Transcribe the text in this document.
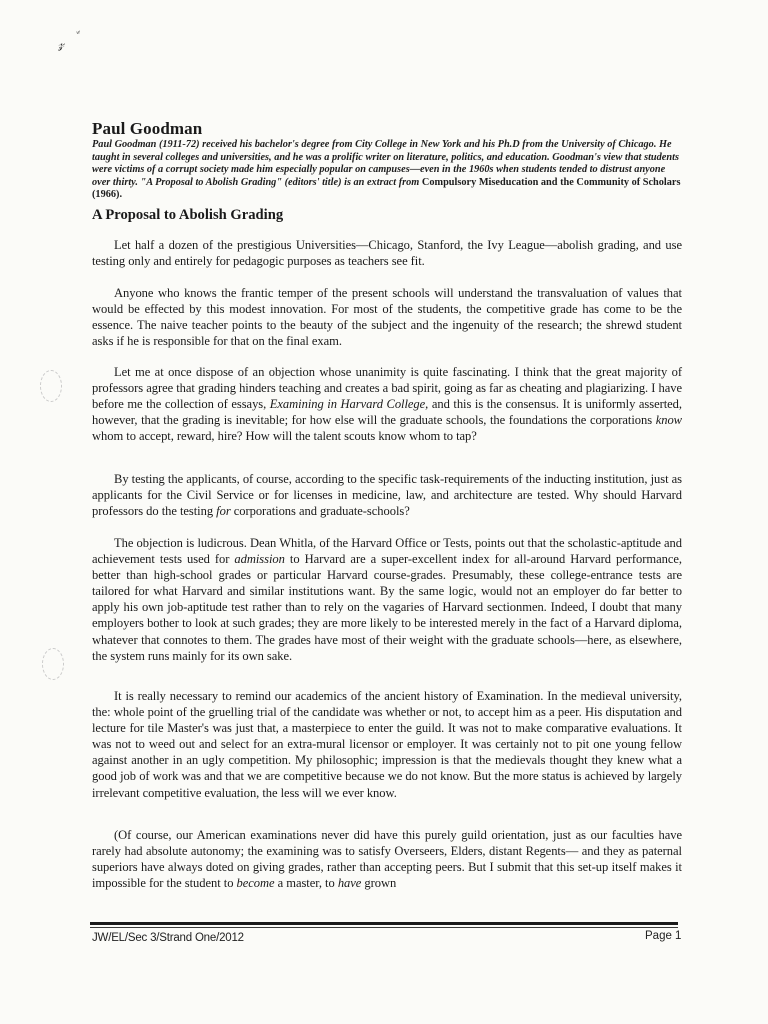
𝓏$^{ᵛ^i}$
Paul Goodman
Paul Goodman (1911-72) received his bachelor's degree from City College in New York and his Ph.D from the University of Chicago. He taught in several colleges and universities, and he was a prolific writer on literature, politics, and education. Goodman's view that students were victims of a corrupt society made him especially popular on campuses—even in the 1960s when students tended to distrust anyone over thirty. "A Proposal to Abolish Grading" (editors' title) is an extract from Compulsory Miseducation and the Community of Scholars (1966).
A Proposal to Abolish Grading
Let half a dozen of the prestigious Universities—Chicago, Stanford, the Ivy League—abolish grading, and use testing only and entirely for pedagogic purposes as teachers see fit.
Anyone who knows the frantic temper of the present schools will understand the transvaluation of values that would be effected by this modest innovation. For most of the students, the competitive grade has come to be the essence. The naive teacher points to the beauty of the subject and the ingenuity of the research; the shrewd student asks if he is responsible for that on the final exam.
Let me at once dispose of an objection whose unanimity is quite fascinating. I think that the great majority of professors agree that grading hinders teaching and creates a bad spirit, going as far as cheating and plagiarizing. I have before me the collection of essays, Examining in Harvard College, and this is the consensus. It is uniformly asserted, however, that the grading is inevitable; for how else will the graduate schools, the foundations the corporations know whom to accept, reward, hire? How will the talent scouts know whom to tap?
By testing the applicants, of course, according to the specific task-requirements of the inducting institution, just as applicants for the Civil Service or for licenses in medicine, law, and architecture are tested. Why should Harvard professors do the testing for corporations and graduate-schools?
The objection is ludicrous. Dean Whitla, of the Harvard Office or Tests, points out that the scholastic-aptitude and achievement tests used for admission to Harvard are a super-excellent index for all-around Harvard performance, better than high-school grades or particular Harvard course-grades. Presumably, these college-entrance tests are tailored for what Harvard and similar institutions want. By the same logic, would not an employer do far better to apply his own job-aptitude test rather than to rely on the vagaries of Harvard sectionmen. Indeed, I doubt that many employers bother to look at such grades; they are more likely to be interested merely in the fact of a Harvard diploma, whatever that connotes to them. The grades have most of their weight with the graduate schools—here, as elsewhere, the system runs mainly for its own sake.
It is really necessary to remind our academics of the ancient history of Examination. In the medieval university, the: whole point of the gruelling trial of the candidate was whether or not, to accept him as a peer. His disputation and lecture for tile Master's was just that, a masterpiece to enter the guild. It was not to make comparative evaluations. It was not to weed out and select for an extra-mural licensor or employer. It was certainly not to pit one young fellow against another in an ugly competition. My philosophic; impression is that the medievals thought they knew what a good job of work was and that we are competitive because we do not know. But the more status is achieved by largely irrelevant competitive evaluation, the less will we ever know.
(Of course, our American examinations never did have this purely guild orientation, just as our faculties have rarely had absolute autonomy; the examining was to satisfy Overseers, Elders, distant Regents— and they as paternal superiors have always doted on giving grades, rather than accepting peers. But I submit that this set-up itself makes it impossible for the student to become a master, to have grown
JW/EL/Sec 3/Strand One/2012	Page 1
